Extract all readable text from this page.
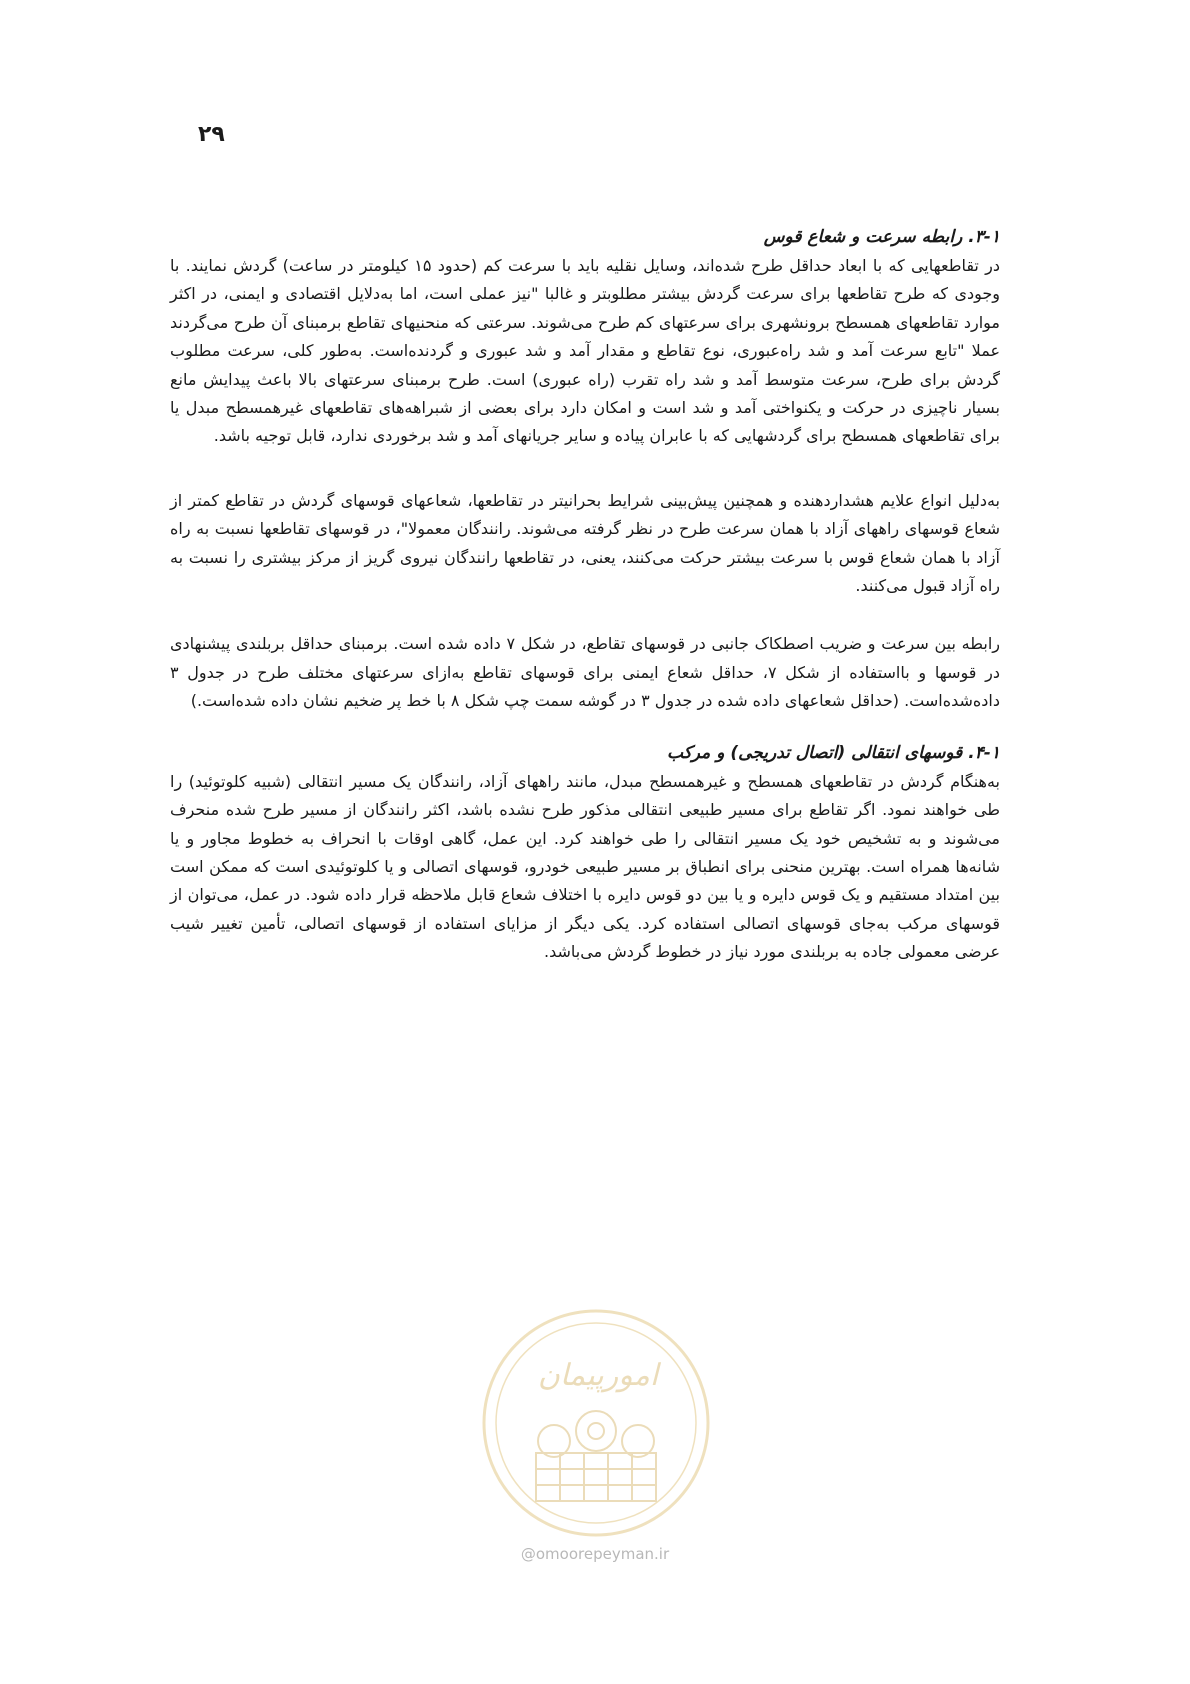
۲۹
۳-۱. رابطه سرعت و شعاع قوس

در تقاطعهایی که با ابعاد حداقل طرح شده‌اند، وسایل نقلیه باید با سرعت کم (حدود ۱۵ کیلومتر در ساعت) گردش نمایند. با وجودی که طرح تقاطعها برای سرعت گردش بیشتر مطلوبتر و غالبا "نیز عملی است، اما به‌دلایل اقتصادی و ایمنی، در اکثر موارد تقاطعهای همسطح برونشهری برای سرعتهای کم طرح می‌شوند. سرعتی که منحنیهای تقاطع برمبنای آن طرح می‌گردند عملا "تابع سرعت آمد و شد راه‌عبوری، نوع تقاطع و مقدار آمد و شد عبوری و گردنده‌است. به‌طور کلی، سرعت مطلوب گردش برای طرح، سرعت متوسط آمد و شد راه تقرب (راه عبوری) است. طرح برمبنای سرعتهای بالا باعث پیدایش مانع بسیار ناچیزی در حرکت و یکنواختی آمد و شد است و امکان دارد برای بعضی از شبراهه‌های تقاطعهای غیرهمسطح مبدل یا برای تقاطعهای همسطح برای گردشهایی که با عابران پیاده و سایر جریانهای آمد و شد برخوردی ندارد، قابل توجیه باشد.

به‌دلیل انواع علایم هشداردهنده و همچنین پیش‌بینی شرایط بحرانیتر در تقاطعها، شعاعهای قوسهای گردش در تقاطع کمتر از شعاع قوسهای راههای آزاد با همان سرعت طرح در نظر گرفته می‌شوند. رانندگان معمولا"، در قوسهای تقاطعها نسبت به راه آزاد با همان شعاع قوس با سرعت بیشتر حرکت می‌کنند، یعنی، در تقاطعها رانندگان نیروی گریز از مرکز بیشتری را نسبت به راه آزاد قبول می‌کنند.

رابطه بین سرعت و ضریب اصطکاک جانبی در قوسهای تقاطع، در شکل ۷ داده شده است. برمبنای حداقل بربلندی پیشنهادی در قوسها و بااستفاده از شکل ۷، حداقل شعاع ایمنی برای قوسهای تقاطع به‌ازای سرعتهای مختلف طرح در جدول ۳ داده‌شده‌است. (حداقل شعاعهای داده شده در جدول ۳ در گوشه سمت چپ شکل ۸ با خط پر ضخیم نشان داده شده‌است.)

۴-۱. قوسهای انتقالی (اتصال تدریجی) و مرکب

به‌هنگام گردش در تقاطعهای همسطح و غیرهمسطح مبدل، مانند راههای آزاد، رانندگان یک مسیر انتقالی (شبیه کلوتوئید) را طی خواهند نمود. اگر تقاطع برای مسیر طبیعی انتقالی مذکور طرح نشده باشد، اکثر رانندگان از مسیر طرح شده منحرف می‌شوند و به تشخیص خود یک مسیر انتقالی را طی خواهند کرد. این عمل، گاهی اوقات با انحراف به خطوط مجاور و یا شانه‌ها همراه است. بهترین منحنی برای انطباق بر مسیر طبیعی خودرو، قوسهای اتصالی و یا کلوتوئیدی است که ممکن است بین امتداد مستقیم و یک قوس دایره و یا بین دو قوس دایره با اختلاف شعاع قابل ملاحظه قرار داده شود. در عمل، می‌توان از قوسهای مرکب به‌جای قوسهای اتصالی استفاده کرد. یکی دیگر از مزایای استفاده از قوسهای اتصالی، تأمین تغییر شیب عرضی معمولی جاده به بربلندی مورد نیاز در خطوط گردش می‌باشد.

امورپیمان
@omoorepeyman.ir
